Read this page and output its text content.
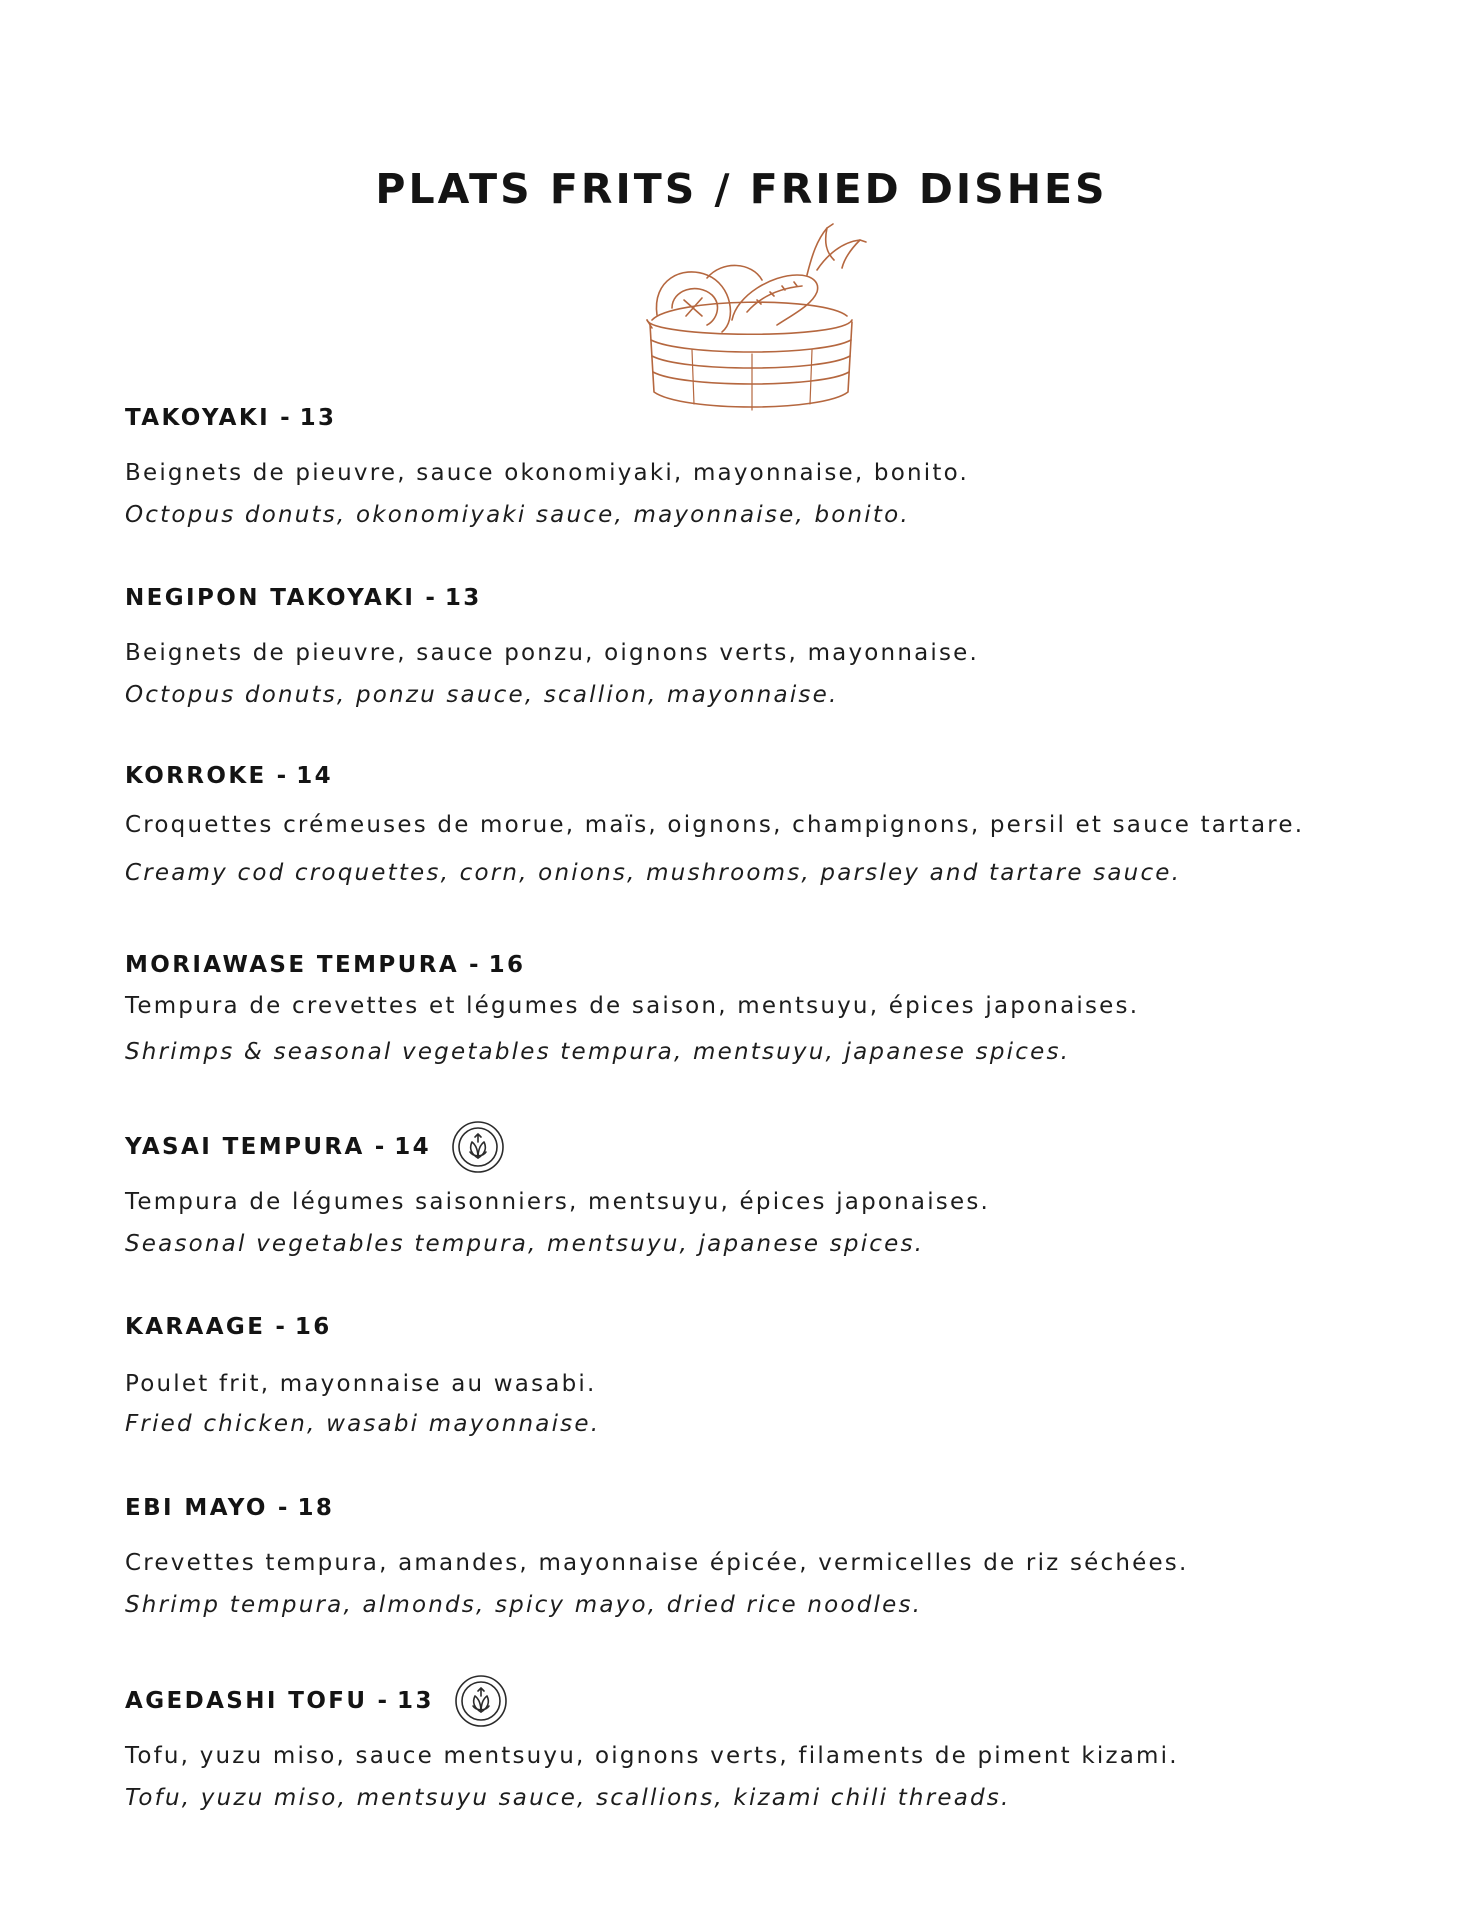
PLATS FRITS / FRIED DISHES
TAKOYAKI - 13
Beignets de pieuvre, sauce okonomiyaki, mayonnaise, bonito.
Octopus donuts, okonomiyaki sauce, mayonnaise, bonito.
NEGIPON TAKOYAKI - 13
Beignets de pieuvre, sauce ponzu, oignons verts, mayonnaise.
Octopus donuts, ponzu sauce, scallion, mayonnaise.
KORROKE - 14
Croquettes crémeuses de morue, maïs, oignons, champignons, persil et sauce tartare.
Creamy cod croquettes, corn, onions, mushrooms, parsley and tartare sauce.
MORIAWASE TEMPURA - 16
Tempura de crevettes et légumes de saison, mentsuyu, épices japonaises.
Shrimps & seasonal vegetables tempura, mentsuyu, japanese spices.
YASAI TEMPURA - 14
Tempura de légumes saisonniers, mentsuyu, épices japonaises.
Seasonal vegetables tempura, mentsuyu, japanese spices.
KARAAGE - 16
Poulet frit, mayonnaise au wasabi.
Fried chicken, wasabi mayonnaise.
EBI MAYO - 18
Crevettes tempura, amandes, mayonnaise épicée, vermicelles de riz séchées.
Shrimp tempura, almonds, spicy mayo, dried rice noodles.
AGEDASHI TOFU - 13
Tofu, yuzu miso, sauce mentsuyu, oignons verts, filaments de piment kizami.
Tofu, yuzu miso, mentsuyu sauce, scallions, kizami chili threads.
